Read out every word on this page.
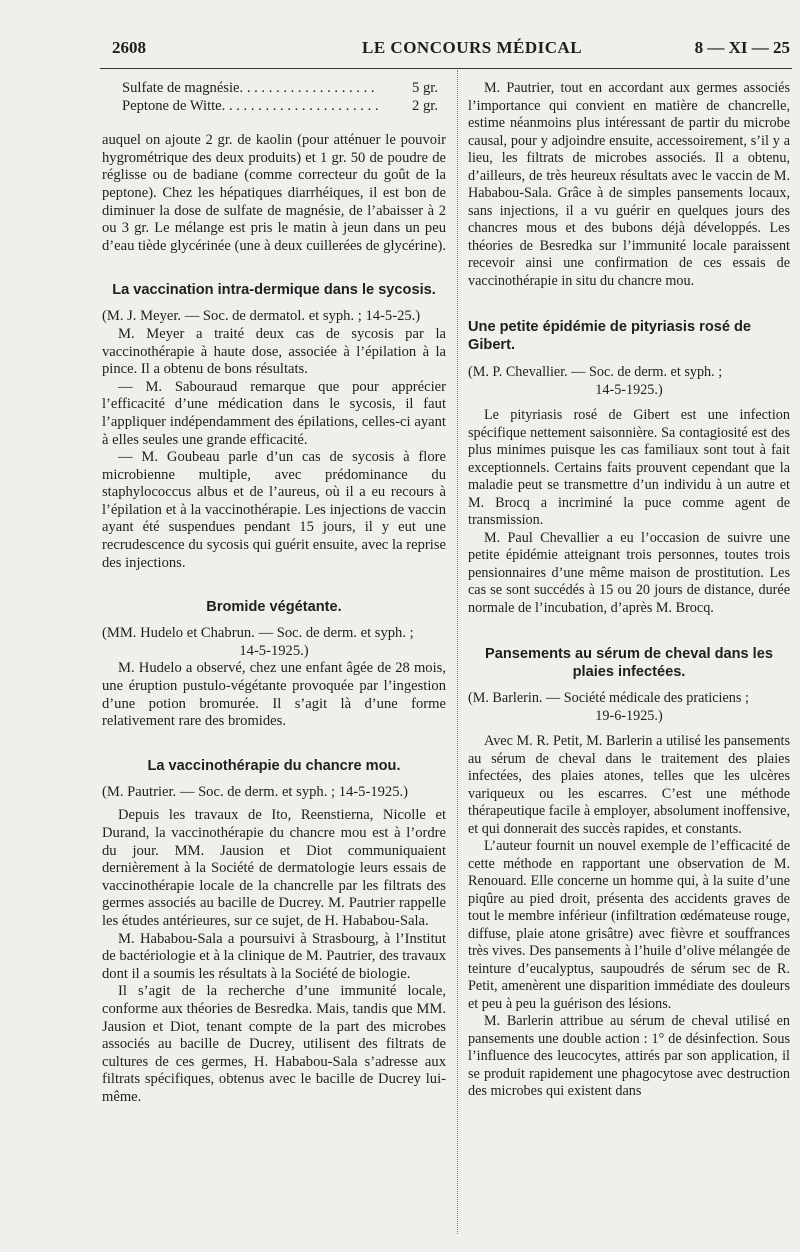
2608	LE CONCOURS MÉDICAL	8 — XI — 25
Sulfate de magnésie . . .	5 gr.
Peptone de Witte . . .	2 gr.

auquel on ajoute 2 gr. de kaolin (pour atténuer le pouvoir hygrométrique des deux produits) et 1 gr. 50 de poudre de réglisse ou de badiane (comme correcteur du goût de la peptone). Chez les hépatiques diarrhéiques, il est bon de diminuer la dose de sulfate de magnésie, de l’abaisser à 2 ou 3 gr. Le mélange est pris le matin à jeun dans un peu d’eau tiède glycérinée (une à deux cuillerées de glycérine).

La vaccination intra-dermique dans le sycosis.

(M. J. Meyer. — Soc. de dermatol. et syph. ; 14-5-25.)

M. Meyer a traité deux cas de sycosis par la vaccinothérapie à haute dose, associée à l’épilation à la pince. Il a obtenu de bons résultats.

— M. Sabouraud remarque que pour apprécier l’efficacité d’une médication dans le sycosis, il faut l’appliquer indépendamment des épilations, celles-ci ayant à elles seules une grande efficacité.

— M. Goubeau parle d’un cas de sycosis à flore microbienne multiple, avec prédominance du staphylococcus albus et de l’aureus, où il a eu recours à l’épilation et à la vaccinothérapie. Les injections de vaccin ayant été suspendues pendant 15 jours, il y eut une recrudescence du sycosis qui guérit ensuite, avec la reprise des injections.

Bromide végétante.

(MM. Hudelo et Chabrun. — Soc. de derm. et syph. ;
14-5-1925.)

M. Hudelo a observé, chez une enfant âgée de 28 mois, une éruption pustulo-végétante provoquée par l’ingestion d’une potion bromurée. Il s’agit là d’une forme relativement rare des bromides.

La vaccinothérapie du chancre mou.

(M. Pautrier. — Soc. de derm. et syph. ; 14-5-1925.)

Depuis les travaux de Ito, Reenstierna, Nicolle et Durand, la vaccinothérapie du chancre mou est à l’ordre du jour. MM. Jausion et Diot communiquaient dernièrement à la Société de dermatologie leurs essais de vaccinothérapie locale de la chancrelle par les filtrats des germes associés au bacille de Ducrey. M. Pautrier rappelle les études antérieures, sur ce sujet, de H. Hababou-Sala.

M. Hababou-Sala a poursuivi à Strasbourg, à l’Institut de bactériologie et à la clinique de M. Pautrier, des travaux dont il a soumis les résultats à la Société de biologie.

Il s’agit de la recherche d’une immunité locale, conforme aux théories de Besredka. Mais, tandis que MM. Jausion et Diot, tenant compte de la part des microbes associés au bacille de Ducrey, utilisent des filtrats de cultures de ces germes, H. Hababou-Sala s’adresse aux filtrats spécifiques, obtenus avec le bacille de Ducrey lui-même.

M. Pautrier, tout en accordant aux germes associés l’importance qui convient en matière de chancrelle, estime néanmoins plus intéressant de partir du microbe causal, pour y adjoindre ensuite, accessoirement, s’il y a lieu, les filtrats de microbes associés. Il a obtenu, d’ailleurs, de très heureux résultats avec le vaccin de M. Hababou-Sala. Grâce à de simples pansements locaux, sans injections, il a vu guérir en quelques jours des chancres mous et des bubons déjà développés. Les théories de Besredka sur l’immunité locale paraissent recevoir ainsi une confirmation de ces essais de vaccinothérapie in situ du chancre mou.

Une petite épidémie de pityriasis rosé de Gibert.

(M. P. Chevallier. — Soc. de derm. et syph. ;
14-5-1925.)

Le pityriasis rosé de Gibert est une infection spécifique nettement saisonnière. Sa contagiosité est des plus minimes puisque les cas familiaux sont tout à fait exceptionnels. Certains faits prouvent cependant que la maladie peut se transmettre d’un individu à un autre et M. Brocq a incriminé la puce comme agent de transmission.

M. Paul Chevallier a eu l’occasion de suivre une petite épidémie atteignant trois personnes, toutes trois pensionnaires d’une même maison de prostitution. Les cas se sont succédés à 15 ou 20 jours de distance, durée normale de l’incubation, d’après M. Brocq.

Pansements au sérum de cheval dans les plaies infectées.

(M. Barlerin. — Société médicale des praticiens ;
19-6-1925.)

Avec M. R. Petit, M. Barlerin a utilisé les pansements au sérum de cheval dans le traitement des plaies infectées, des plaies atones, telles que les ulcères variqueux ou les escarres. C’est une méthode thérapeutique facile à employer, absolument inoffensive, et qui donnerait des succès rapides, et constants.

L’auteur fournit un nouvel exemple de l’efficacité de cette méthode en rapportant une observation de M. Renouard. Elle concerne un homme qui, à la suite d’une piqûre au pied droit, présenta des accidents graves de tout le membre inférieur (infiltration œdémateuse rouge, diffuse, plaie atone grisâtre) avec fièvre et souffrances très vives. Des pansements à l’huile d’olive mélangée de teinture d’eucalyptus, saupoudrés de sérum sec de R. Petit, amenèrent une disparition immédiate des douleurs et peu à peu la guérison des lésions.

M. Barlerin attribue au sérum de cheval utilisé en pansements une double action : 1° de désinfection. Sous l’influence des leucocytes, attirés par son application, il se produit rapidement une phagocytose avec destruction des microbes qui existent dans
